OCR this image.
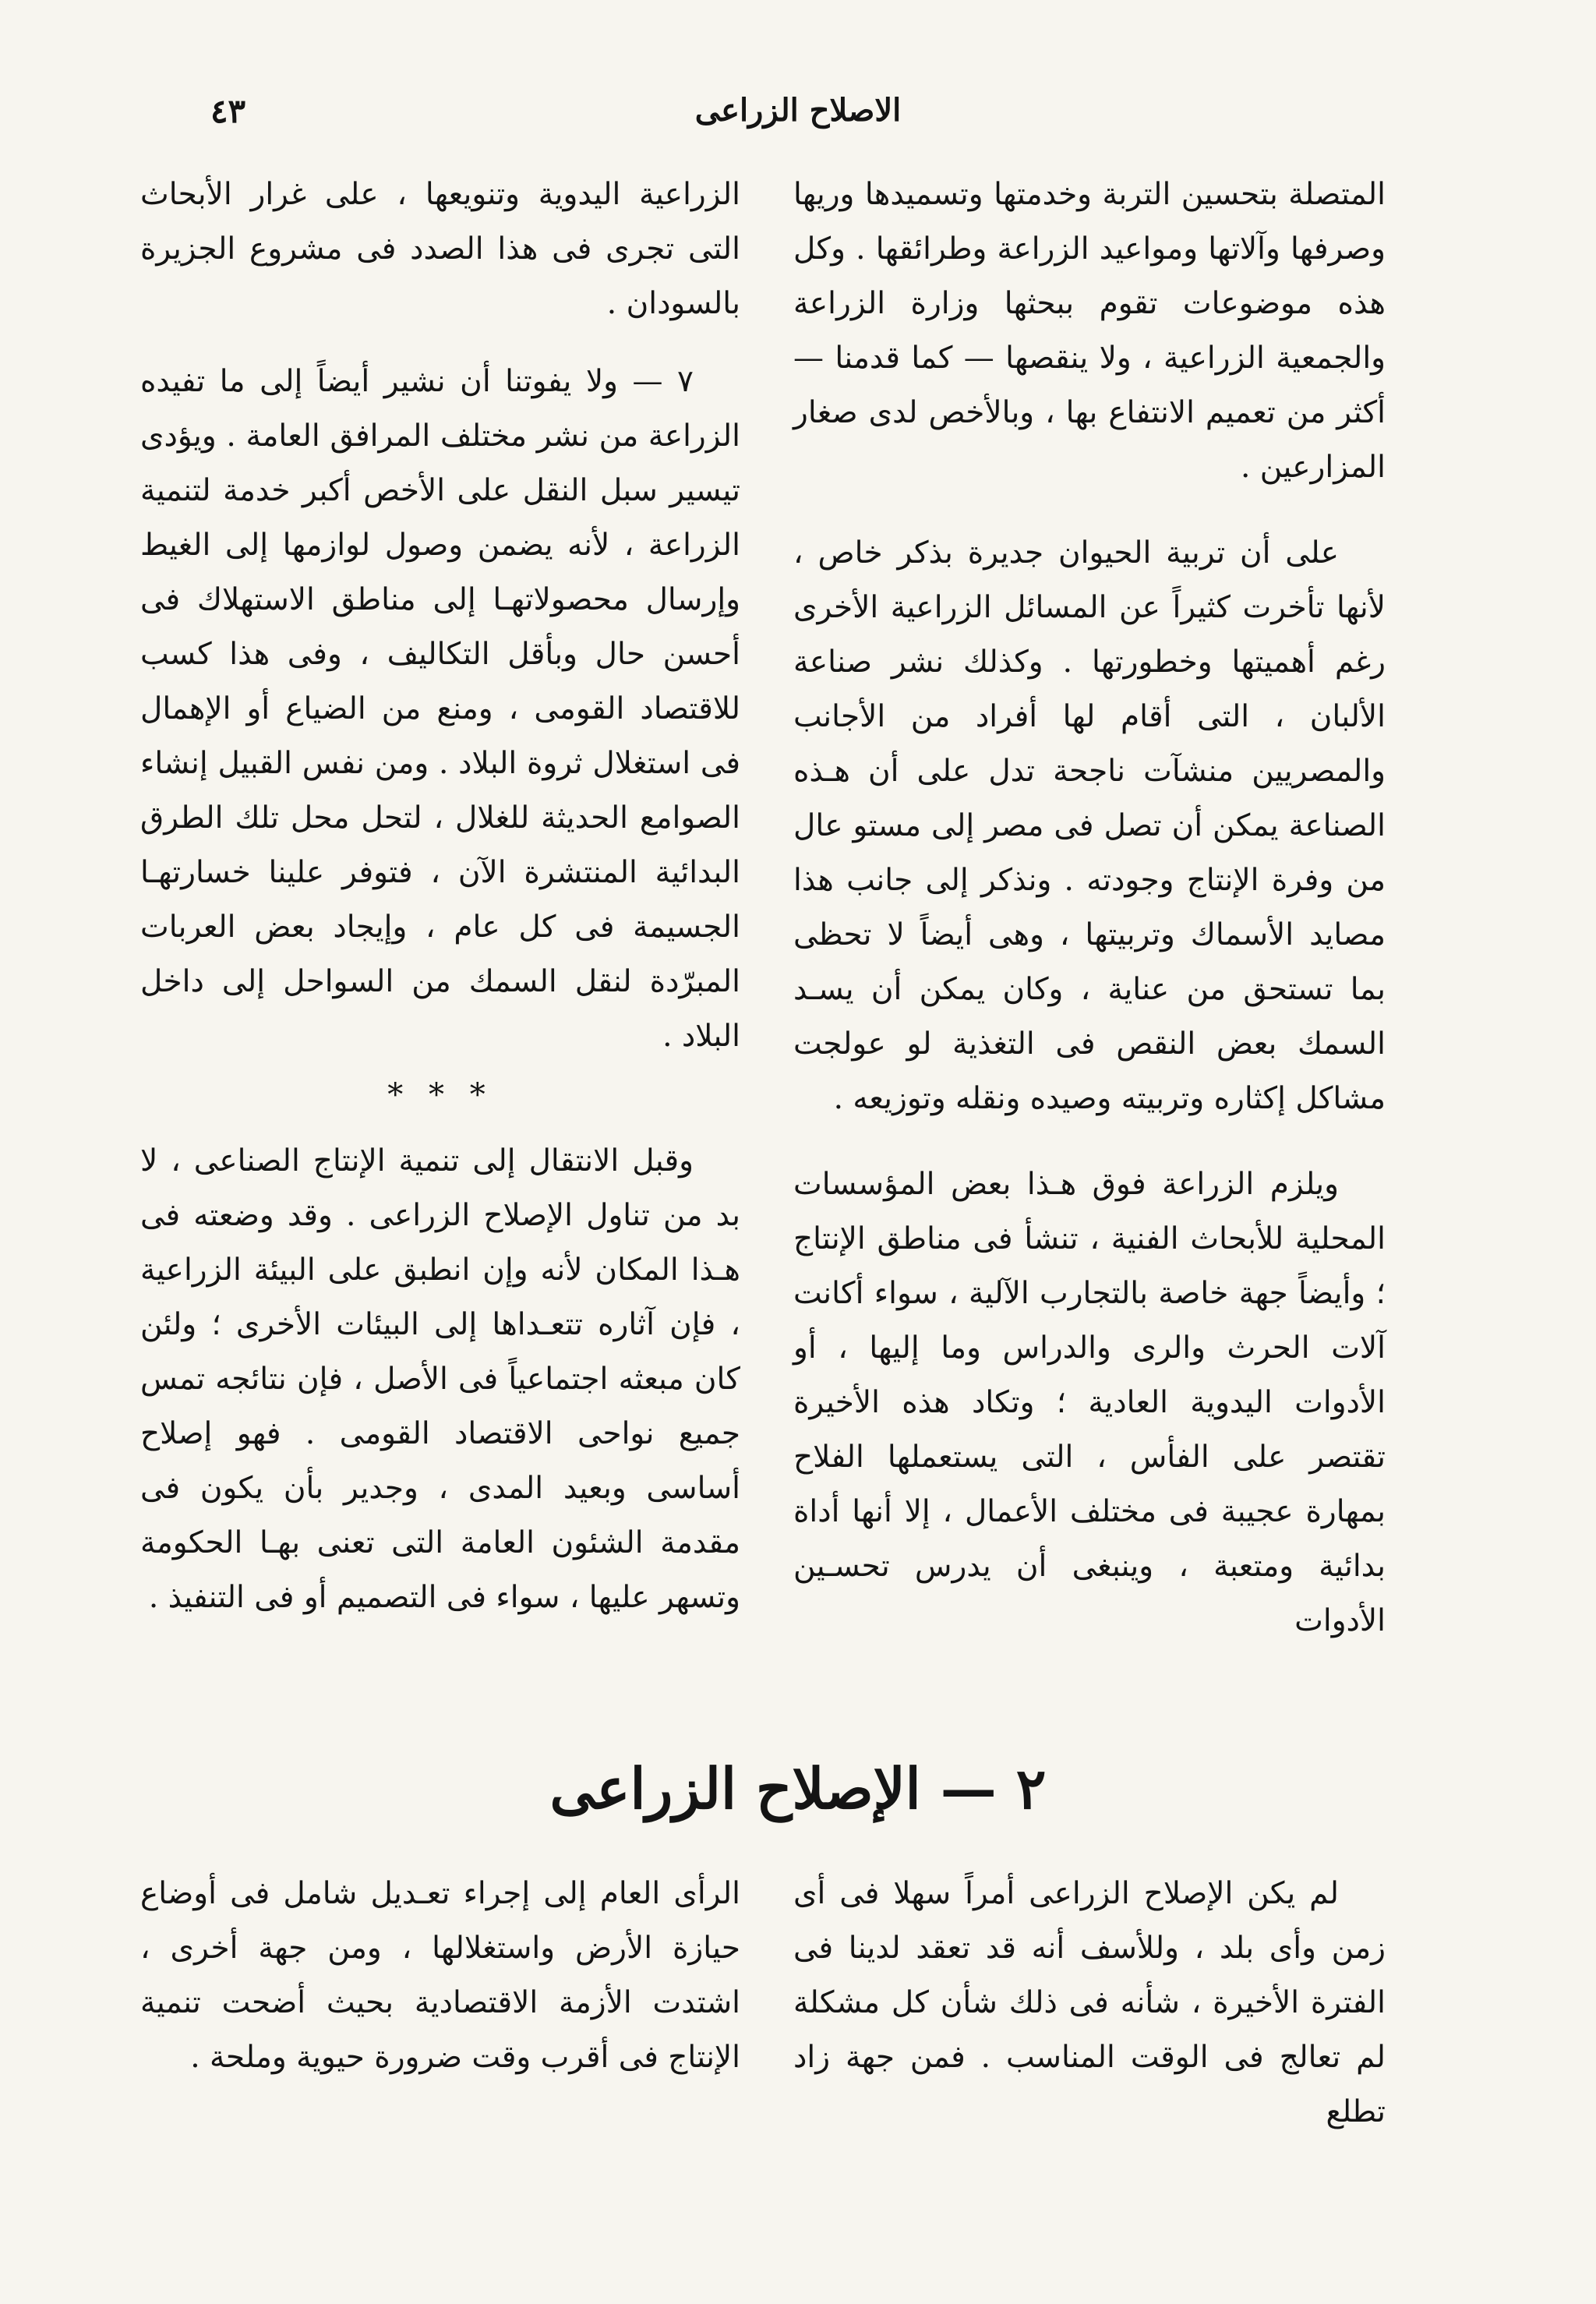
الاصلاح الزراعى
٤٣

المتصلة بتحسين التربة وخدمتها وتسميدها وريها وصرفها وآلاتها ومواعيد الزراعة وطرائقها . وكل هذه موضوعات تقوم ببحثها وزارة الزراعة والجمعية الزراعية ، ولا ينقصها — كما قدمنا — أكثر من تعميم الانتفاع بها ، وبالأخص لدى صغار المزارعين .

على أن تربية الحيوان جديرة بذكر خاص ، لأنها تأخرت كثيراً عن المسائل الزراعية الأخرى رغم أهميتها وخطورتها . وكذلك نشر صناعة الألبان ، التى أقام لها أفراد من الأجانب والمصريين منشآت ناجحة تدل على أن هـذه الصناعة يمكن أن تصل فى مصر إلى مستو عال من وفرة الإنتاج وجودته . ونذكر إلى جانب هذا مصايد الأسماك وتربيتها ، وهى أيضاً لا تحظى بما تستحق من عناية ، وكان يمكن أن يسـد السمك بعض النقص فى التغذية لو عولجت مشاكل إكثاره وتربيته وصيده ونقله وتوزيعه .

ويلزم الزراعة فوق هـذا بعض المؤسسات المحلية للأبحاث الفنية ، تنشأ فى مناطق الإنتاج ؛ وأيضاً جهة خاصة بالتجارب الآلية ، سواء أكانت آلات الحرث والرى والدراس وما إليها ، أو الأدوات اليدوية العادية ؛ وتكاد هذه الأخيرة تقتصر على الفأس ، التى يستعملها الفلاح بمهارة عجيبة فى مختلف الأعمال ، إلا أنها أداة بدائية ومتعبة ، وينبغى أن يدرس تحسـين الأدوات

الزراعية اليدوية وتنويعها ، على غرار الأبحاث التى تجرى فى هذا الصدد فى مشروع الجزيرة بالسودان .

٧ — ولا يفوتنا أن نشير أيضاً إلى ما تفيده الزراعة من نشر مختلف المرافق العامة . ويؤدى تيسير سبل النقل على الأخص أكبر خدمة لتنمية الزراعة ، لأنه يضمن وصول لوازمها إلى الغيط وإرسال محصولاتهـا إلى مناطق الاستهلاك فى أحسن حال وبأقل التكاليف ، وفى هذا كسب للاقتصاد القومى ، ومنع من الضياع أو الإهمال فى استغلال ثروة البلاد . ومن نفس القبيل إنشاء الصوامع الحديثة للغلال ، لتحل محل تلك الطرق البدائية المنتشرة الآن ، فتوفر علينا خسارتهـا الجسيمة فى كل عام ، وإيجاد بعض العربات المبرّدة لنقل السمك من السواحل إلى داخل البلاد .

* * *

وقبل الانتقال إلى تنمية الإنتاج الصناعى ، لا بد من تناول الإصلاح الزراعى . وقد وضعته فى هـذا المكان لأنه وإن انطبق على البيئة الزراعية ، فإن آثاره تتعـداها إلى البيئات الأخرى ؛ ولئن كان مبعثه اجتماعياً فى الأصل ، فإن نتائجه تمس جميع نواحى الاقتصاد القومى . فهو إصلاح أساسى وبعيد المدى ، وجدير بأن يكون فى مقدمة الشئون العامة التى تعنى بهـا الحكومة وتسهر عليها ، سواء فى التصميم أو فى التنفيذ .

٢ — الإصلاح الزراعى

لم يكن الإصلاح الزراعى أمراً سهلا فى أى زمن وأى بلد ، وللأسف أنه قد تعقد لدينا فى الفترة الأخيرة ، شأنه فى ذلك شأن كل مشكلة لم تعالج فى الوقت المناسب . فمن جهة زاد تطلع

الرأى العام إلى إجراء تعـديل شامل فى أوضاع حيازة الأرض واستغلالها ، ومن جهة أخرى ، اشتدت الأزمة الاقتصادية بحيث أضحت تنمية الإنتاج فى أقرب وقت ضرورة حيوية وملحة .
